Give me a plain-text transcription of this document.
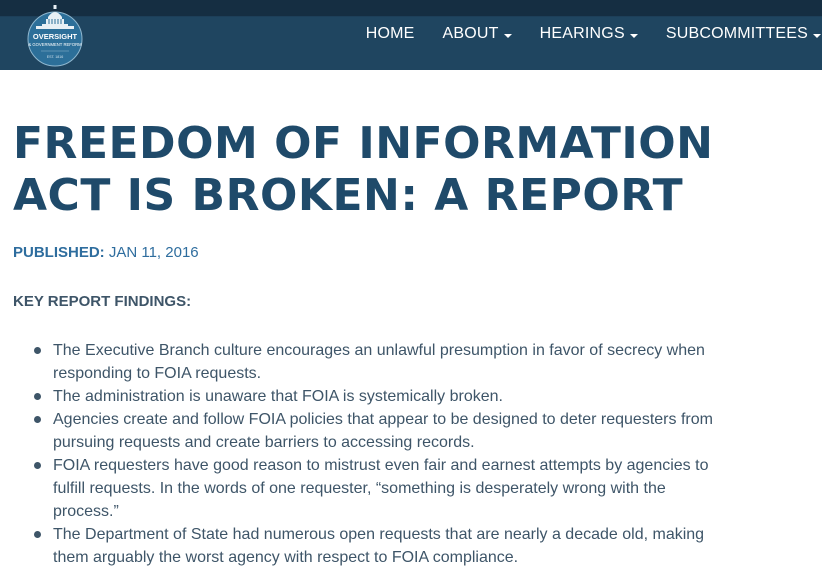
OVERSIGHT
& GOVERNMENT REFORM
EST. 1816
HOME ABOUT	HEARINGS	SUBCOMMITTEES
FREEDOM OF INFORMATION ACT IS BROKEN: A REPORT
PUBLISHED: JAN 11, 2016
KEY REPORT FINDINGS:
The Executive Branch culture encourages an unlawful presumption in favor of secrecy when responding to FOIA requests.
The administration is unaware that FOIA is systemically broken.
Agencies create and follow FOIA policies that appear to be designed to deter requesters from pursuing requests and create barriers to accessing records.
FOIA requesters have good reason to mistrust even fair and earnest attempts by agencies to fulfill requests. In the words of one requester, “something is desperately wrong with the process.”
The Department of State had numerous open requests that are nearly a decade old, making them arguably the worst agency with respect to FOIA compliance.
